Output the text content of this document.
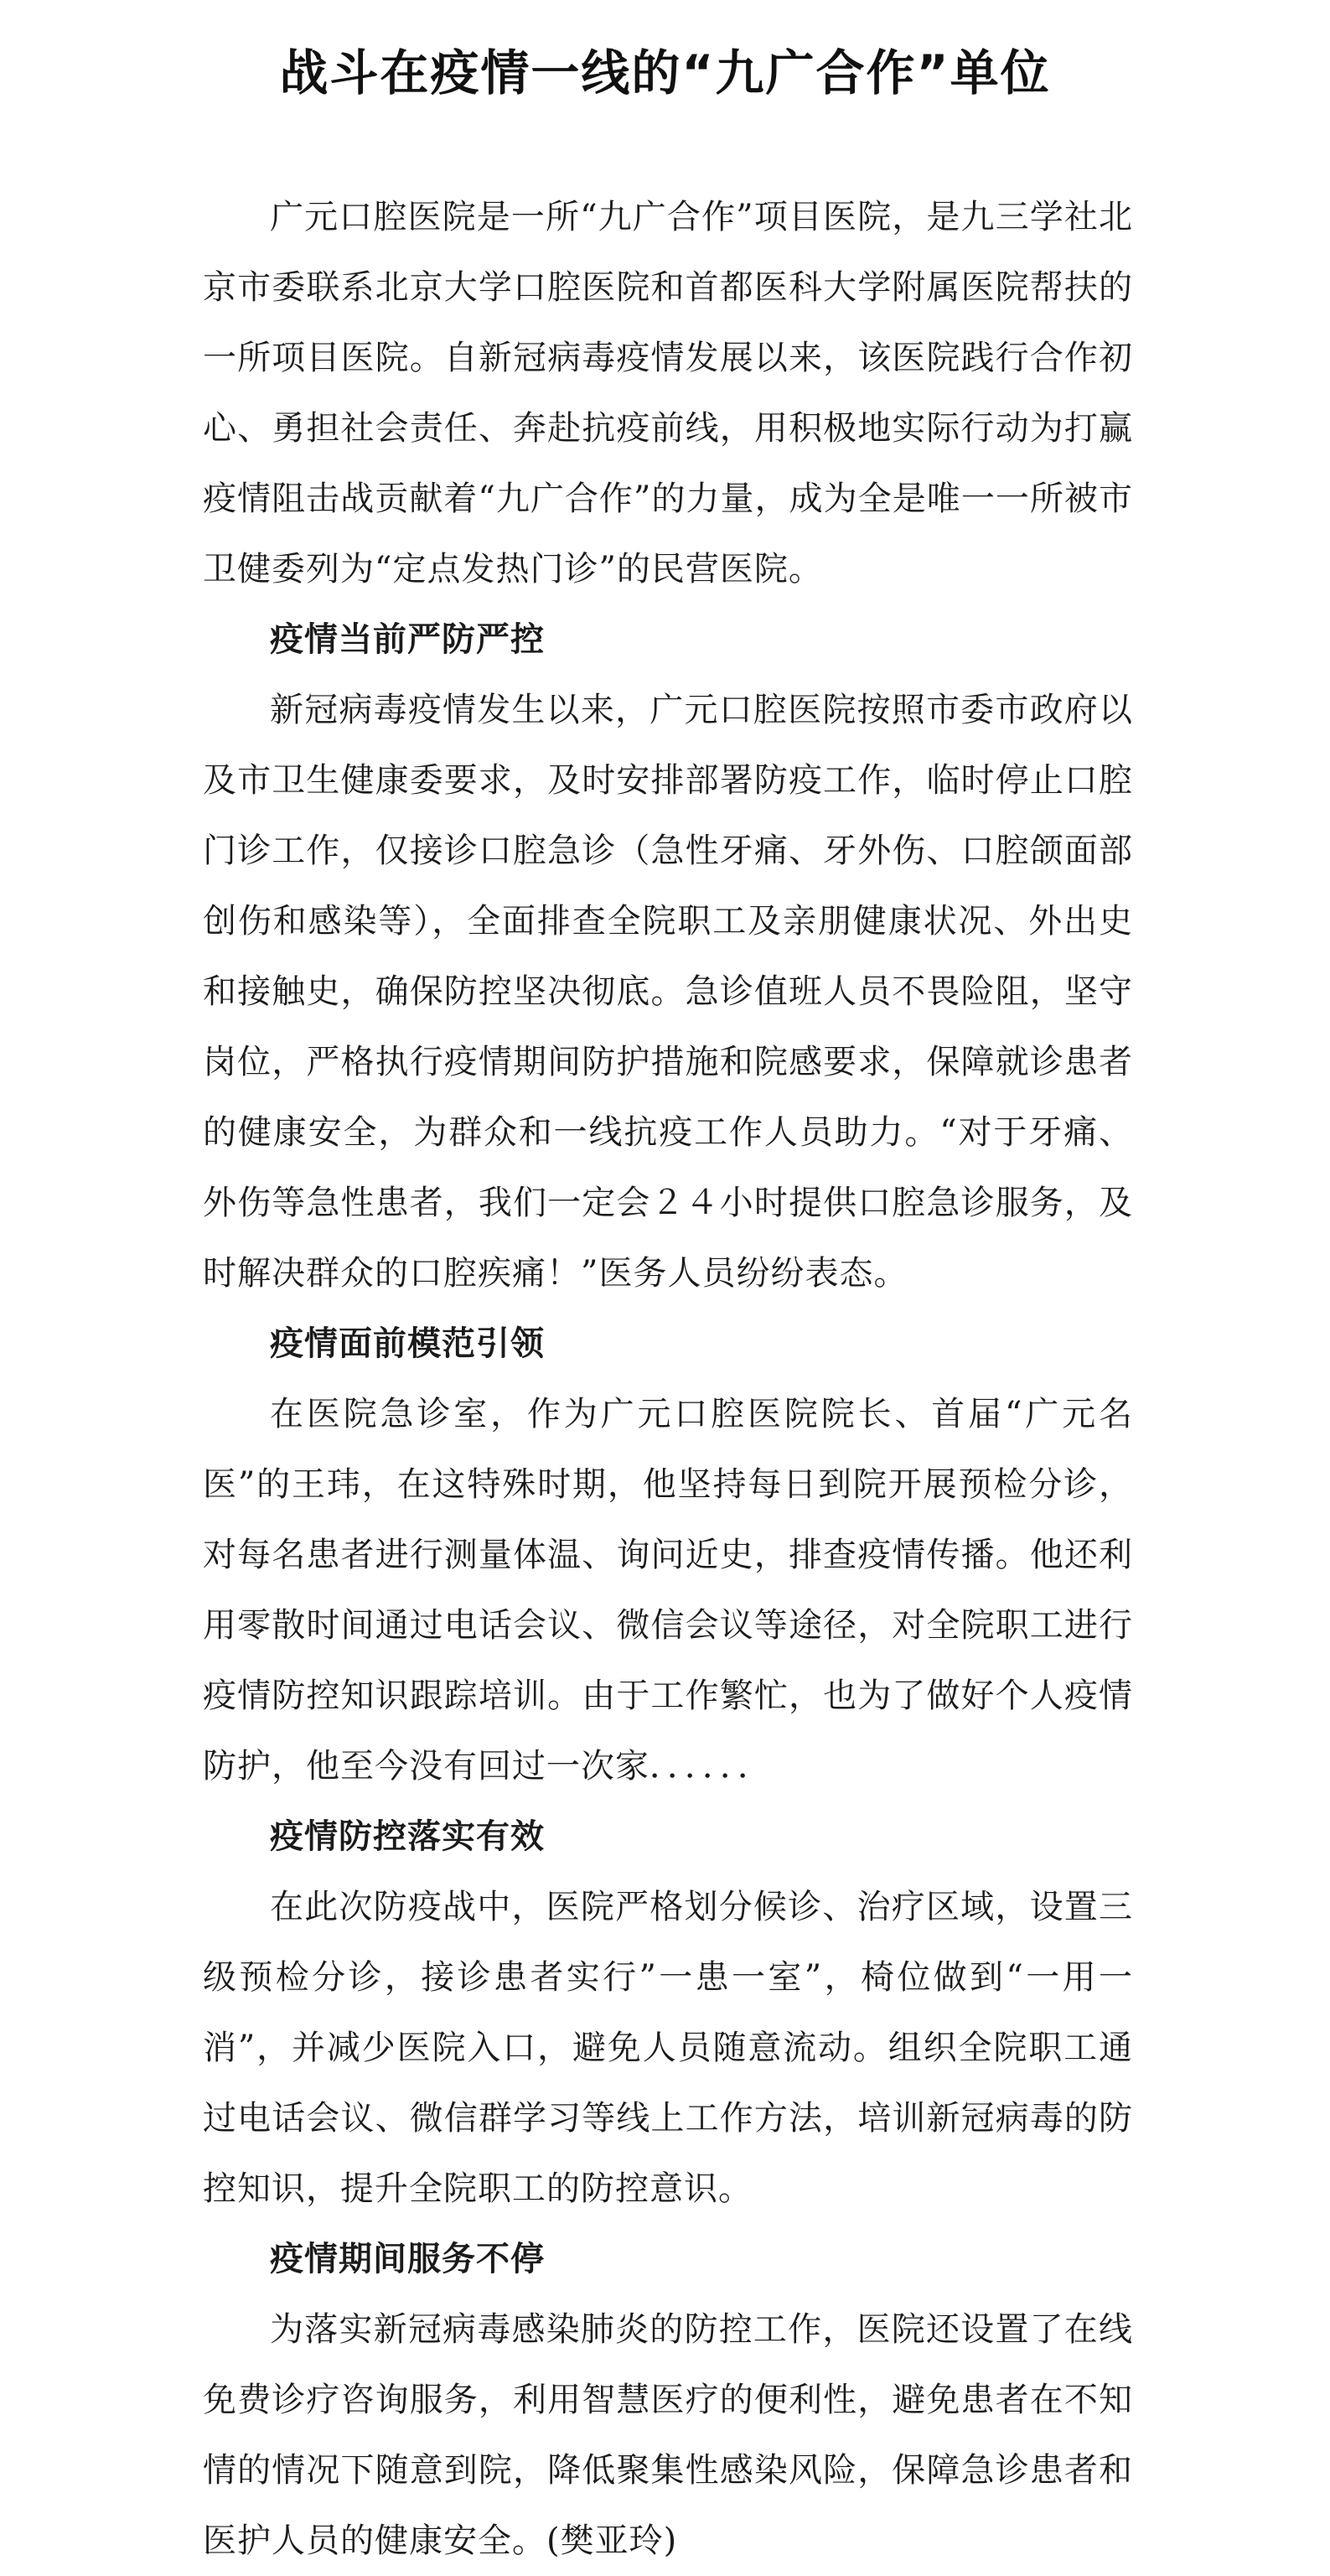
战斗在疫情一线的“九广合作”单位

广元口腔医院是一所“九广合作”项目医院，是九三学社北京市委联系北京大学口腔医院和首都医科大学附属医院帮扶的一所项目医院。自新冠病毒疫情发展以来，该医院践行合作初心、勇担社会责任、奔赴抗疫前线，用积极地实际行动为打赢疫情阻击战贡献着“九广合作”的力量，成为全是唯一一所被市卫健委列为“定点发热门诊”的民营医院。

疫情当前严防严控

新冠病毒疫情发生以来，广元口腔医院按照市委市政府以及市卫生健康委要求，及时安排部署防疫工作，临时停止口腔门诊工作，仅接诊口腔急诊（急性牙痛、牙外伤、口腔颌面部创伤和感染等），全面排查全院职工及亲朋健康状况、外出史和接触史，确保防控坚决彻底。急诊值班人员不畏险阻，坚守岗位，严格执行疫情期间防护措施和院感要求，保障就诊患者的健康安全，为群众和一线抗疫工作人员助力。“对于牙痛、外伤等急性患者，我们一定会２４小时提供口腔急诊服务，及时解决群众的口腔疾痛！”医务人员纷纷表态。

疫情面前模范引领

在医院急诊室，作为广元口腔医院院长、首届“广元名医”的王玮，在这特殊时期，他坚持每日到院开展预检分诊，对每名患者进行测量体温、询问近史，排查疫情传播。他还利用零散时间通过电话会议、微信会议等途径，对全院职工进行疫情防控知识跟踪培训。由于工作繁忙，也为了做好个人疫情防护，他至今没有回过一次家．．．．．．

疫情防控落实有效

在此次防疫战中，医院严格划分候诊、治疗区域，设置三级预检分诊，接诊患者实行”一患一室”，椅位做到“一用一消”，并减少医院入口，避免人员随意流动。组织全院职工通过电话会议、微信群学习等线上工作方法，培训新冠病毒的防控知识，提升全院职工的防控意识。

疫情期间服务不停

为落实新冠病毒感染肺炎的防控工作，医院还设置了在线免费诊疗咨询服务，利用智慧医疗的便利性，避免患者在不知情的情况下随意到院，降低聚集性感染风险，保障急诊患者和医护人员的健康安全。(樊亚玲)
